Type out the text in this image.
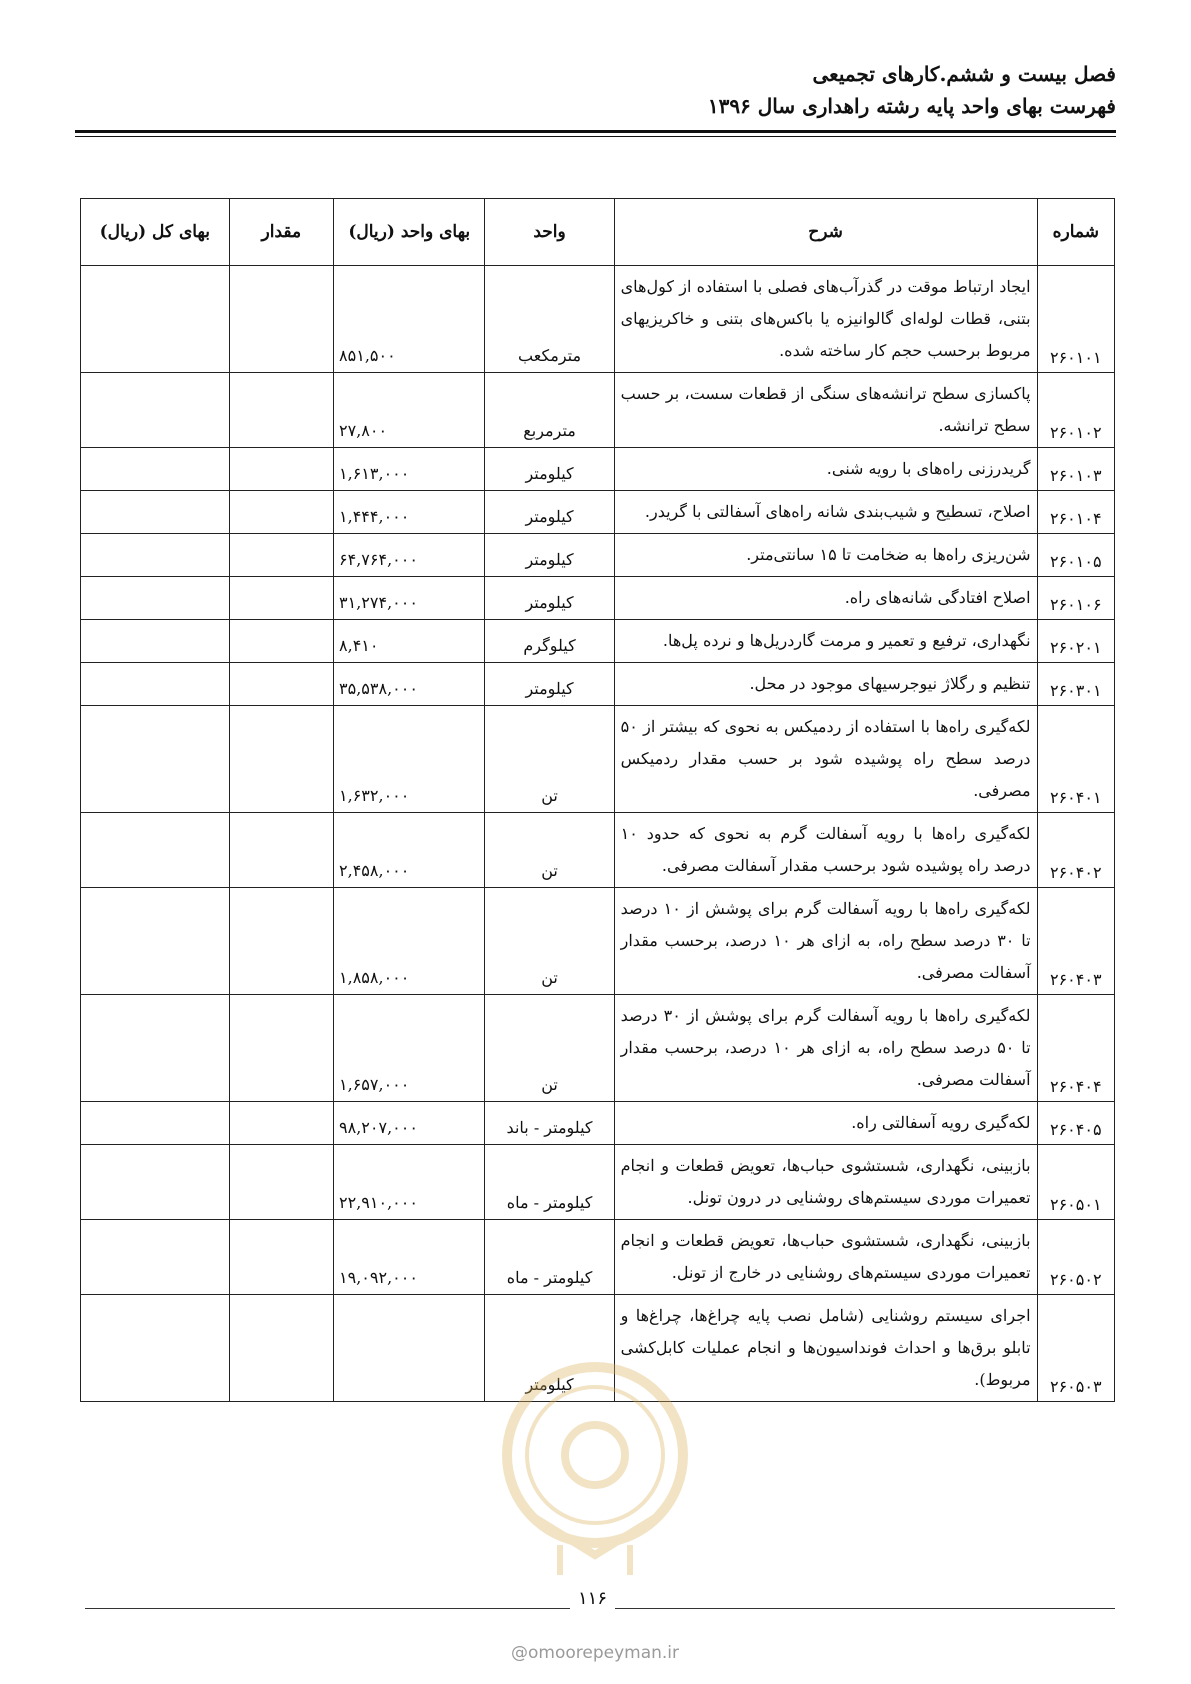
فصل بیست و ششم.کارهای تجمیعی
فهرست بهای واحد پایه رشته راهداری سال ۱۳۹۶
شماره	شرح	واحد	بهای واحد (ریال)	مقدار	بهای کل (ریال)
۲۶۰۱۰۱	ایجاد ارتباط موقت در گذرآب‌های فصلی با استفاده از کول‌های بتنی، قطات لوله‌ای گالوانیزه یا باکس‌های بتنی و خاکریزیهای مربوط برحسب حجم کار ساخته شده.	مترمکعب	۸۵۱,۵۰۰		
۲۶۰۱۰۲	پاکسازی سطح ترانشه‌های سنگی از قطعات سست، بر حسب سطح ترانشه.	مترمربع	۲۷,۸۰۰		
۲۶۰۱۰۳	گریدرزنی راه‌های با رویه شنی.	کیلومتر	۱,۶۱۳,۰۰۰		
۲۶۰۱۰۴	اصلاح، تسطیح و شیب‌بندی شانه راه‌های آسفالتی با گریدر.	کیلومتر	۱,۴۴۴,۰۰۰		
۲۶۰۱۰۵	شن‌ریزی راه‌ها به ضخامت تا ۱۵ سانتی‌متر.	کیلومتر	۶۴,۷۶۴,۰۰۰		
۲۶۰۱۰۶	اصلاح افتادگی شانه‌های راه.	کیلومتر	۳۱,۲۷۴,۰۰۰		
۲۶۰۲۰۱	نگهداری، ترفیع و تعمیر و مرمت گاردریل‌ها و نرده پل‌ها.	کیلوگرم	۸,۴۱۰		
۲۶۰۳۰۱	تنظیم و رگلاژ نیوجرسیهای موجود در محل.	کیلومتر	۳۵,۵۳۸,۰۰۰		
۲۶۰۴۰۱	لکه‌گیری راه‌ها با استفاده از ردمیکس به نحوی که بیشتر از ۵۰ درصد سطح راه پوشیده شود بر حسب مقدار ردمیکس مصرفی.	تن	۱,۶۳۲,۰۰۰		
۲۶۰۴۰۲	لکه‌گیری راه‌ها با رویه آسفالت گرم به نحوی که حدود ۱۰ درصد راه پوشیده شود برحسب مقدار آسفالت مصرفی.	تن	۲,۴۵۸,۰۰۰		
۲۶۰۴۰۳	لکه‌گیری راه‌ها با رویه آسفالت گرم برای پوشش از ۱۰ درصد تا ۳۰ درصد سطح راه، به ازای هر ۱۰ درصد، برحسب مقدار آسفالت مصرفی.	تن	۱,۸۵۸,۰۰۰		
۲۶۰۴۰۴	لکه‌گیری راه‌ها با رویه آسفالت گرم برای پوشش از ۳۰ درصد تا ۵۰ درصد سطح راه، به ازای هر ۱۰ درصد، برحسب مقدار آسفالت مصرفی.	تن	۱,۶۵۷,۰۰۰		
۲۶۰۴۰۵	لکه‌گیری رویه آسفالتی راه.	کیلومتر - باند	۹۸,۲۰۷,۰۰۰		
۲۶۰۵۰۱	بازبینی، نگهداری، شستشوی حباب‌ها، تعویض قطعات و انجام تعمیرات موردی سیستم‌های روشنایی در درون تونل.	کیلومتر - ماه	۲۲,۹۱۰,۰۰۰		
۲۶۰۵۰۲	بازبینی، نگهداری، شستشوی حباب‌ها، تعویض قطعات و انجام تعمیرات موردی سیستم‌های روشنایی در خارج از تونل.	کیلومتر - ماه	۱۹,۰۹۲,۰۰۰		
۲۶۰۵۰۳	اجرای سیستم روشنایی (شامل نصب پایه چراغ‌ها، چراغ‌ها و تابلو برق‌ها و احداث فونداسیون‌ها و انجام عملیات کابل‌کشی مربوط).	کیلومتر			
۱۱۶
@omoorepeyman.ir
